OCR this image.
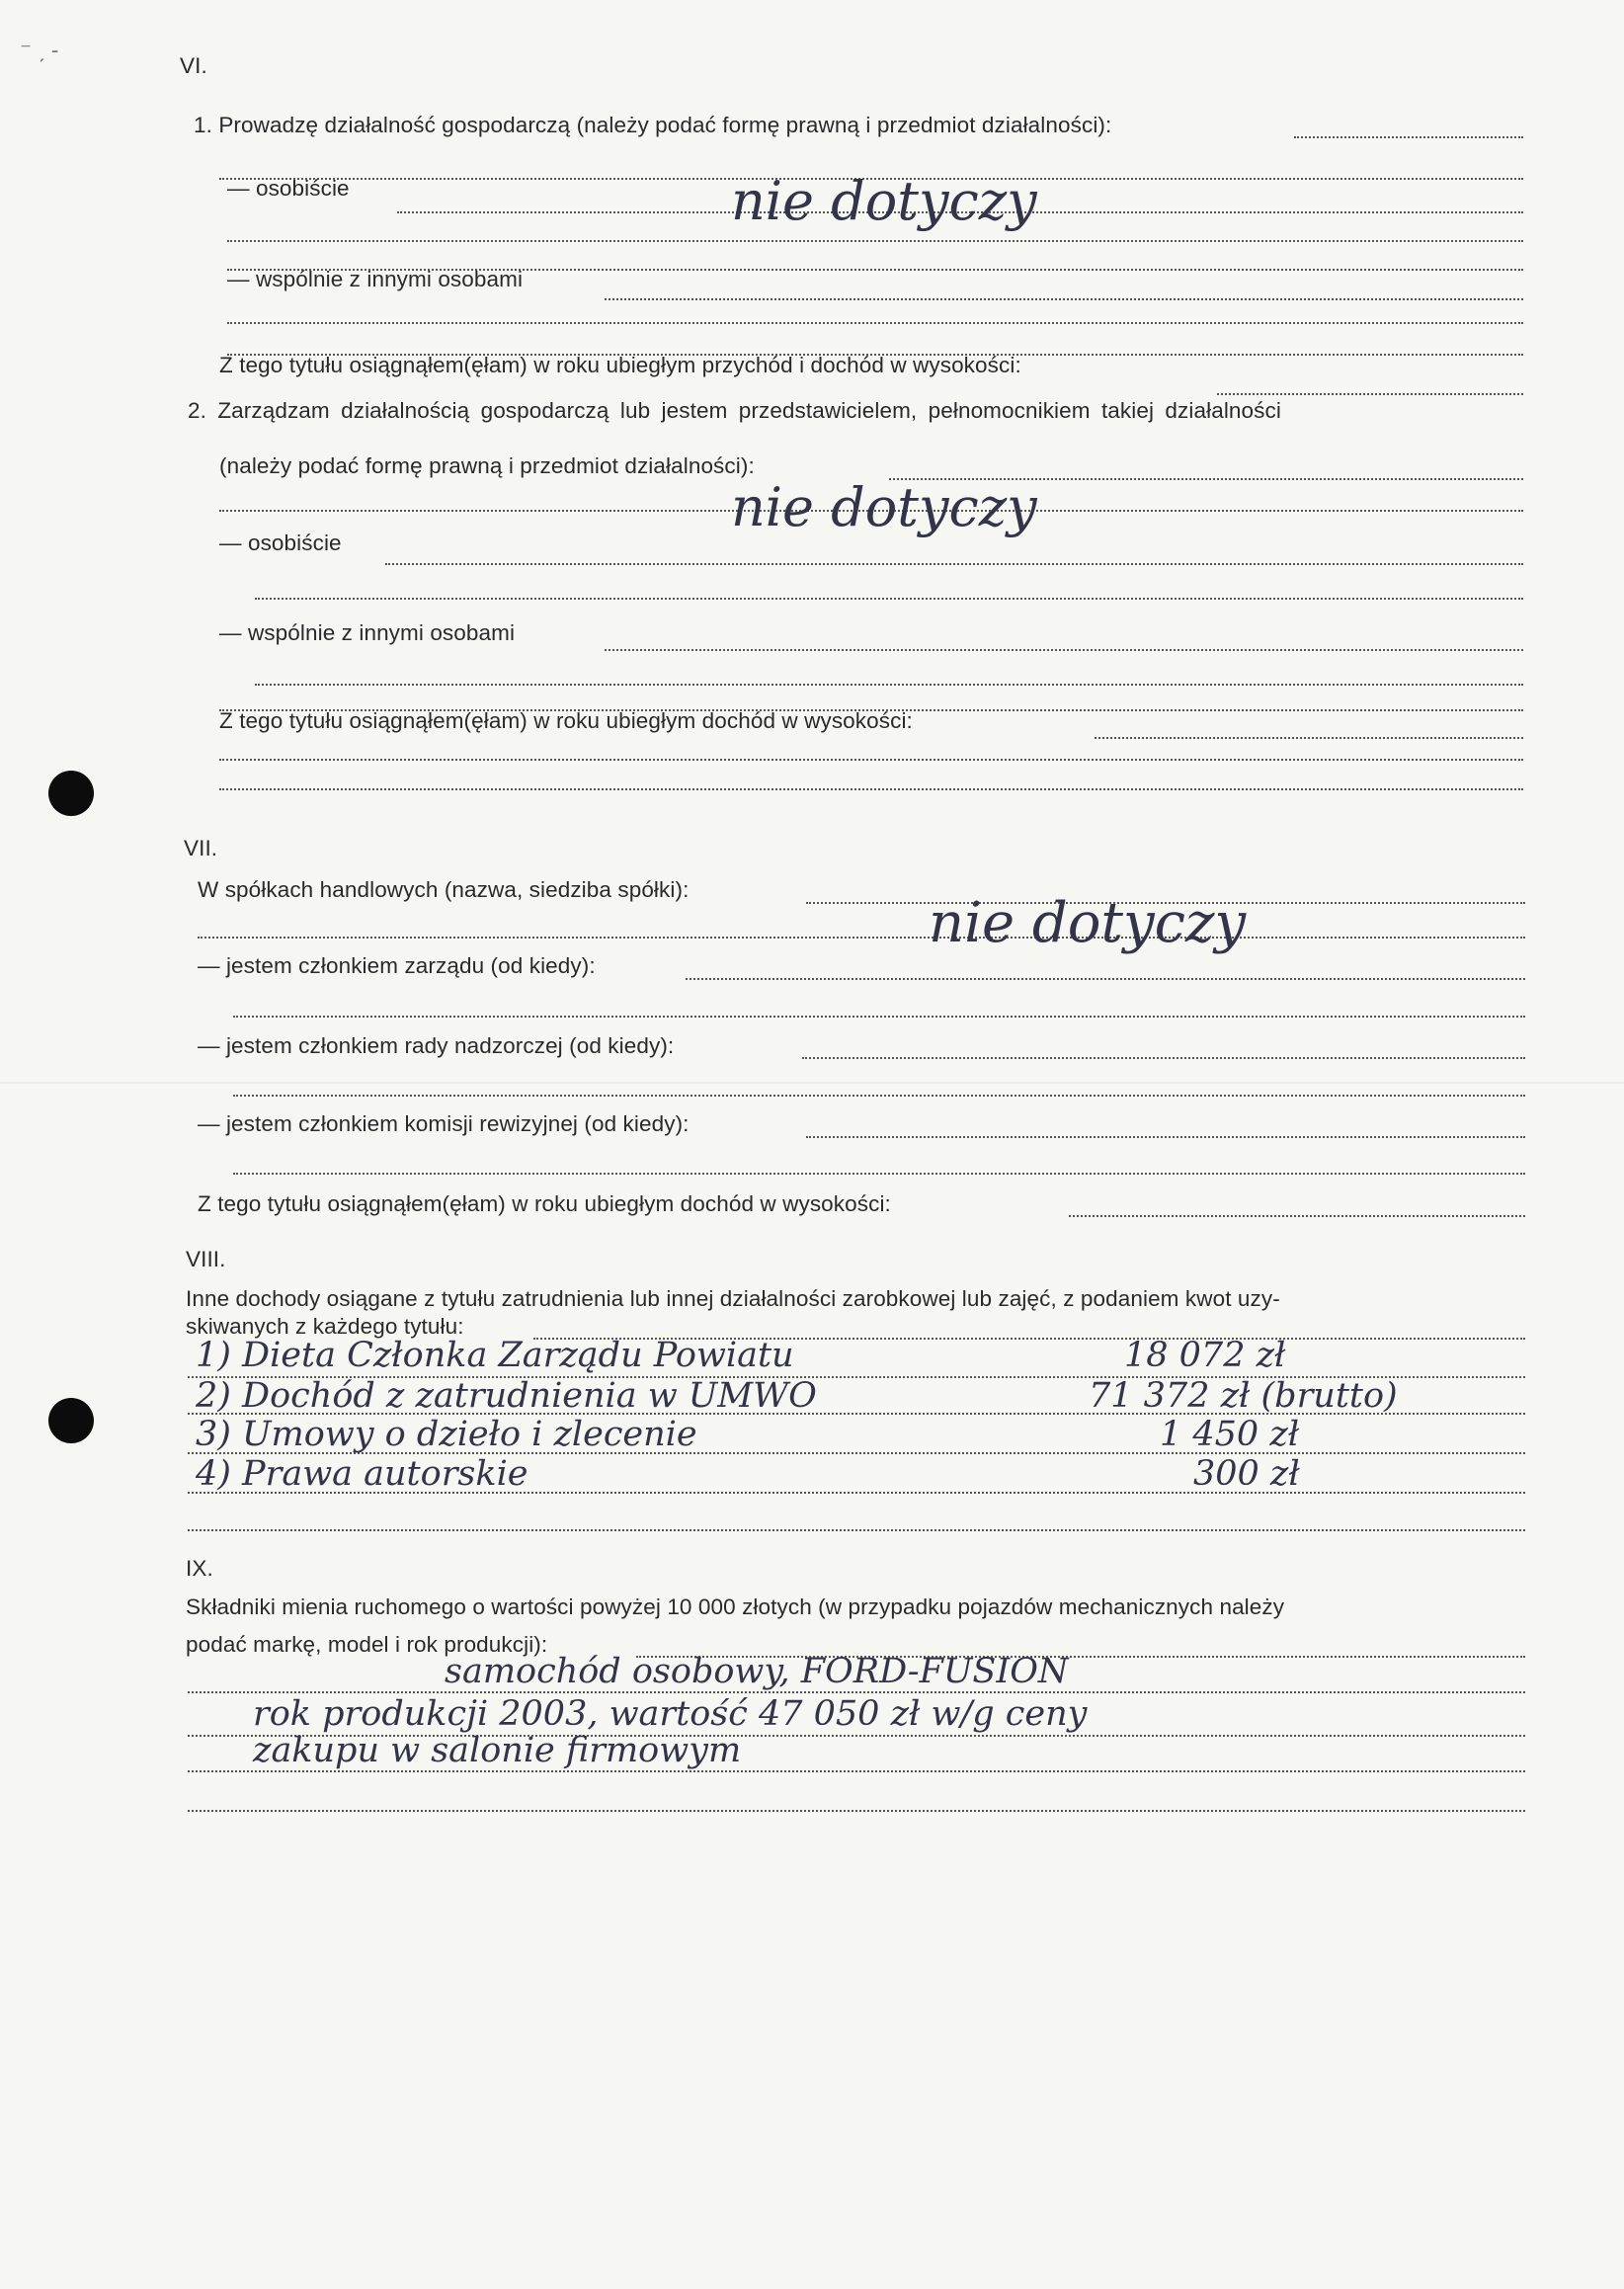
⁻ ˏ ‐
VI.
1. Prowadzę działalność gospodarczą (należy podać formę prawną i przedmiot działalności):
— osobiście	nie dotyczy
— wspólnie z innymi osobami
Z tego tytułu osiągnąłem(ęłam) w roku ubiegłym przychód i dochód w wysokości:
2. Zarządzam działalnością gospodarczą lub jestem przedstawicielem, pełnomocnikiem takiej działalności
(należy podać formę prawną i przedmiot działalności):
nie dotyczy
— osobiście
— wspólnie z innymi osobami
Z tego tytułu osiągnąłem(ęłam) w roku ubiegłym dochód w wysokości:
VII.
W spółkach handlowych (nazwa, siedziba spółki):
nie dotyczy
— jestem członkiem zarządu (od kiedy):
— jestem członkiem rady nadzorczej (od kiedy):
— jestem członkiem komisji rewizyjnej (od kiedy):
Z tego tytułu osiągnąłem(ęłam) w roku ubiegłym dochód w wysokości:
VIII.
Inne dochody osiągane z tytułu zatrudnienia lub innej działalności zarobkowej lub zajęć, z podaniem kwot uzy-
skiwanych z każdego tytułu:
1) Dieta Członka Zarządu Powiatu	18 072 zł
2) Dochód z zatrudnienia w UMWO	71 372 zł (brutto)
3) Umowy o dzieło i zlecenie	1 450 zł
4) Prawa autorskie	300 zł
IX.
Składniki mienia ruchomego o wartości powyżej 10 000 złotych (w przypadku pojazdów mechanicznych należy
podać markę, model i rok produkcji):
samochód osobowy, FORD-FUSION
rok produkcji 2003, wartość 47 050 zł w/g ceny
zakupu w salonie firmowym
